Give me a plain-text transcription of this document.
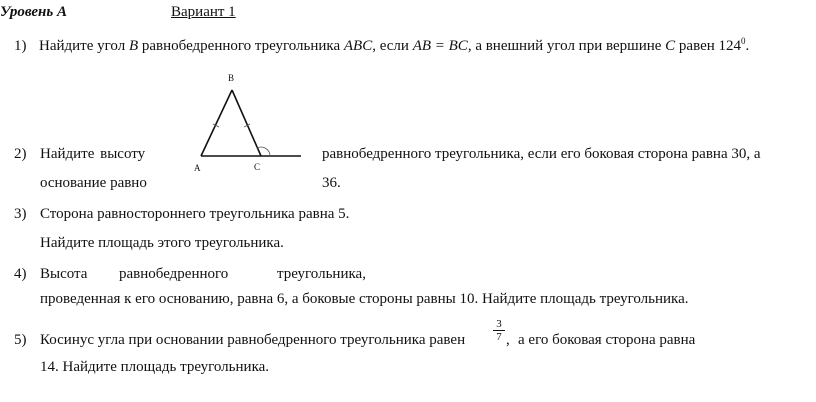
Уровень А	Вариант 1
1) Найдите угол B равнобедренного треугольника ABC, если AB = BC, а внешний угол при вершине C равен $124^0$.
B
A	C
2) Найдите высоту	равнобедренного треугольника, если его боковая сторона равна 30, а
основание равно	36.
3) Сторона равностороннего треугольника равна 5.
Найдите площадь этого треугольника.
4) Высота равнобедренного	треугольника,
проведенная к его основанию, равна 6, а боковые стороны равны 10. Найдите площадь треугольника.
5) Косинус угла при основании равнобедренного треугольника равен	$\frac{3}{7}$ , а его боковая сторона равна
14. Найдите площадь треугольника.
